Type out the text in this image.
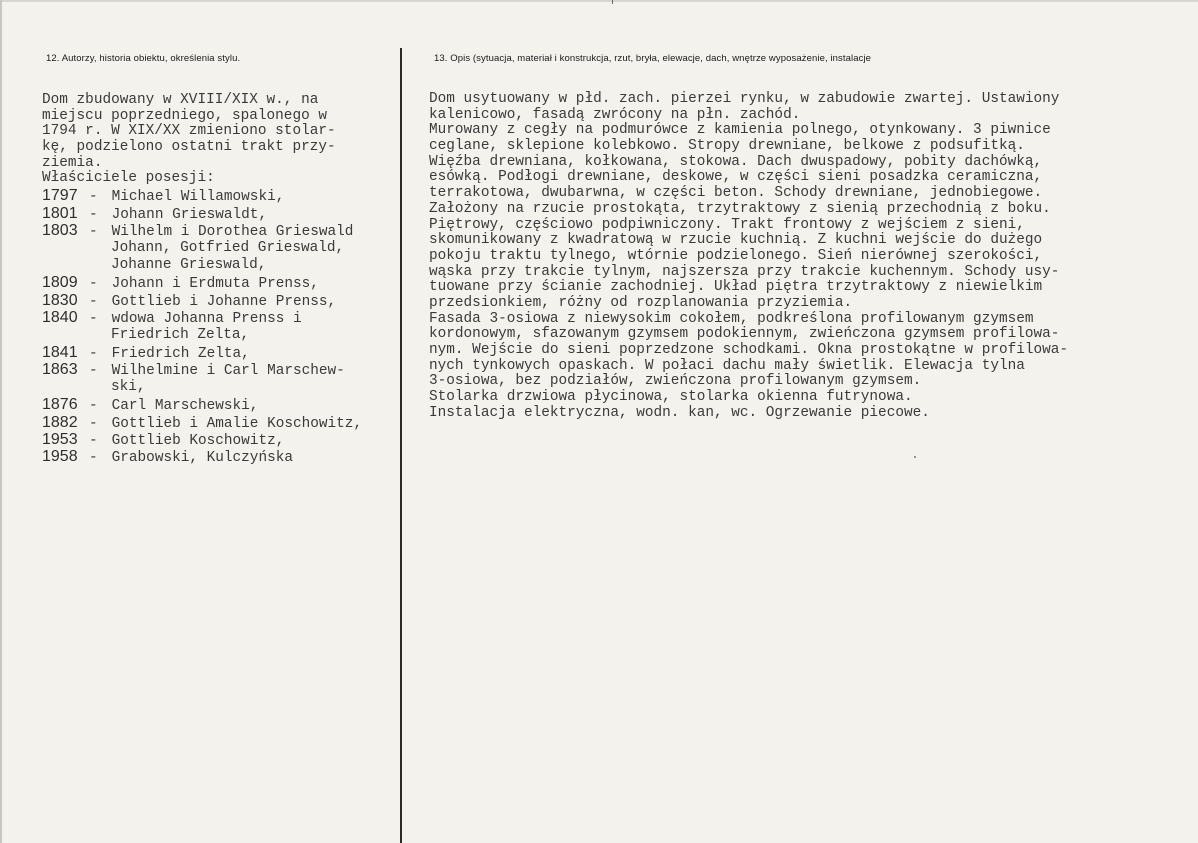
12. Autorzy, historia obiektu, określenia stylu.	13. Opis (sytuacja, materiał i konstrukcja, rzut, bryła, elewacje, dach, wnętrze wyposażenie, instalacje
Dom zbudowany w XVIII/XIX w., na
miejscu poprzedniego, spalonego w
1794 r. W XIX/XX zmieniono stolar-
kę, podzielono ostatni trakt przy-
ziemia.
Właściciele posesji:
1797 - Michael Willamowski,
1801 - Johann Grieswaldt,
1803 - Wilhelm i Dorothea Grieswald
Johann, Gotfried Grieswald,
Johanne Grieswald,
1809 - Johann i Erdmuta Prenss,
1830 - Gottlieb i Johanne Prenss,
1840 - wdowa Johanna Prenss i
Friedrich Zelta,
1841 - Friedrich Zelta,
1863 - Wilhelmine i Carl Marschew-
ski,
1876 - Carl Marschewski,
1882 - Gottlieb i Amalie Koschowitz,
1953 - Gottlieb Koschowitz,
1958 - Grabowski, Kulczyńska
Dom usytuowany w płd. zach. pierzei rynku, w zabudowie zwartej. Ustawiony
kalenicowo, fasadą zwrócony na płn. zachód.
Murowany z cegły na podmurówce z kamienia polnego, otynkowany. 3 piwnice
ceglane, sklepione kolebkowo. Stropy drewniane, belkowe z podsufitką.
Więźba drewniana, kołkowana, stokowa. Dach dwuspadowy, pobity dachówką,
esówką. Podłogi drewniane, deskowe, w części sieni posadzka ceramiczna,
terrakotowa, dwubarwna, w części beton. Schody drewniane, jednobiegowe.
Założony na rzucie prostokąta, trzytraktowy z sienią przechodnią z boku.
Piętrowy, częściowo podpiwniczony. Trakt frontowy z wejściem z sieni,
skomunikowany z kwadratową w rzucie kuchnią. Z kuchni wejście do dużego
pokoju traktu tylnego, wtórnie podzielonego. Sień nierównej szerokości,
wąska przy trakcie tylnym, najszersza przy trakcie kuchennym. Schody usy-
tuowane przy ścianie zachodniej. Układ piętra trzytraktowy z niewielkim
przedsionkiem, różny od rozplanowania przyziemia.
Fasada 3-osiowa z niewysokim cokołem, podkreślona profilowanym gzymsem
kordonowym, sfazowanym gzymsem podokiennym, zwieńczona gzymsem profilowa-
nym. Wejście do sieni poprzedzone schodkami. Okna prostokątne w profilowa-
nych tynkowych opaskach. W połaci dachu mały świetlik. Elewacja tylna
3-osiowa, bez podziałów, zwieńczona profilowanym gzymsem.
Stolarka drzwiowa płycinowa, stolarka okienna futrynowa.
Instalacja elektryczna, wodn. kan, wc. Ogrzewanie piecowe.
